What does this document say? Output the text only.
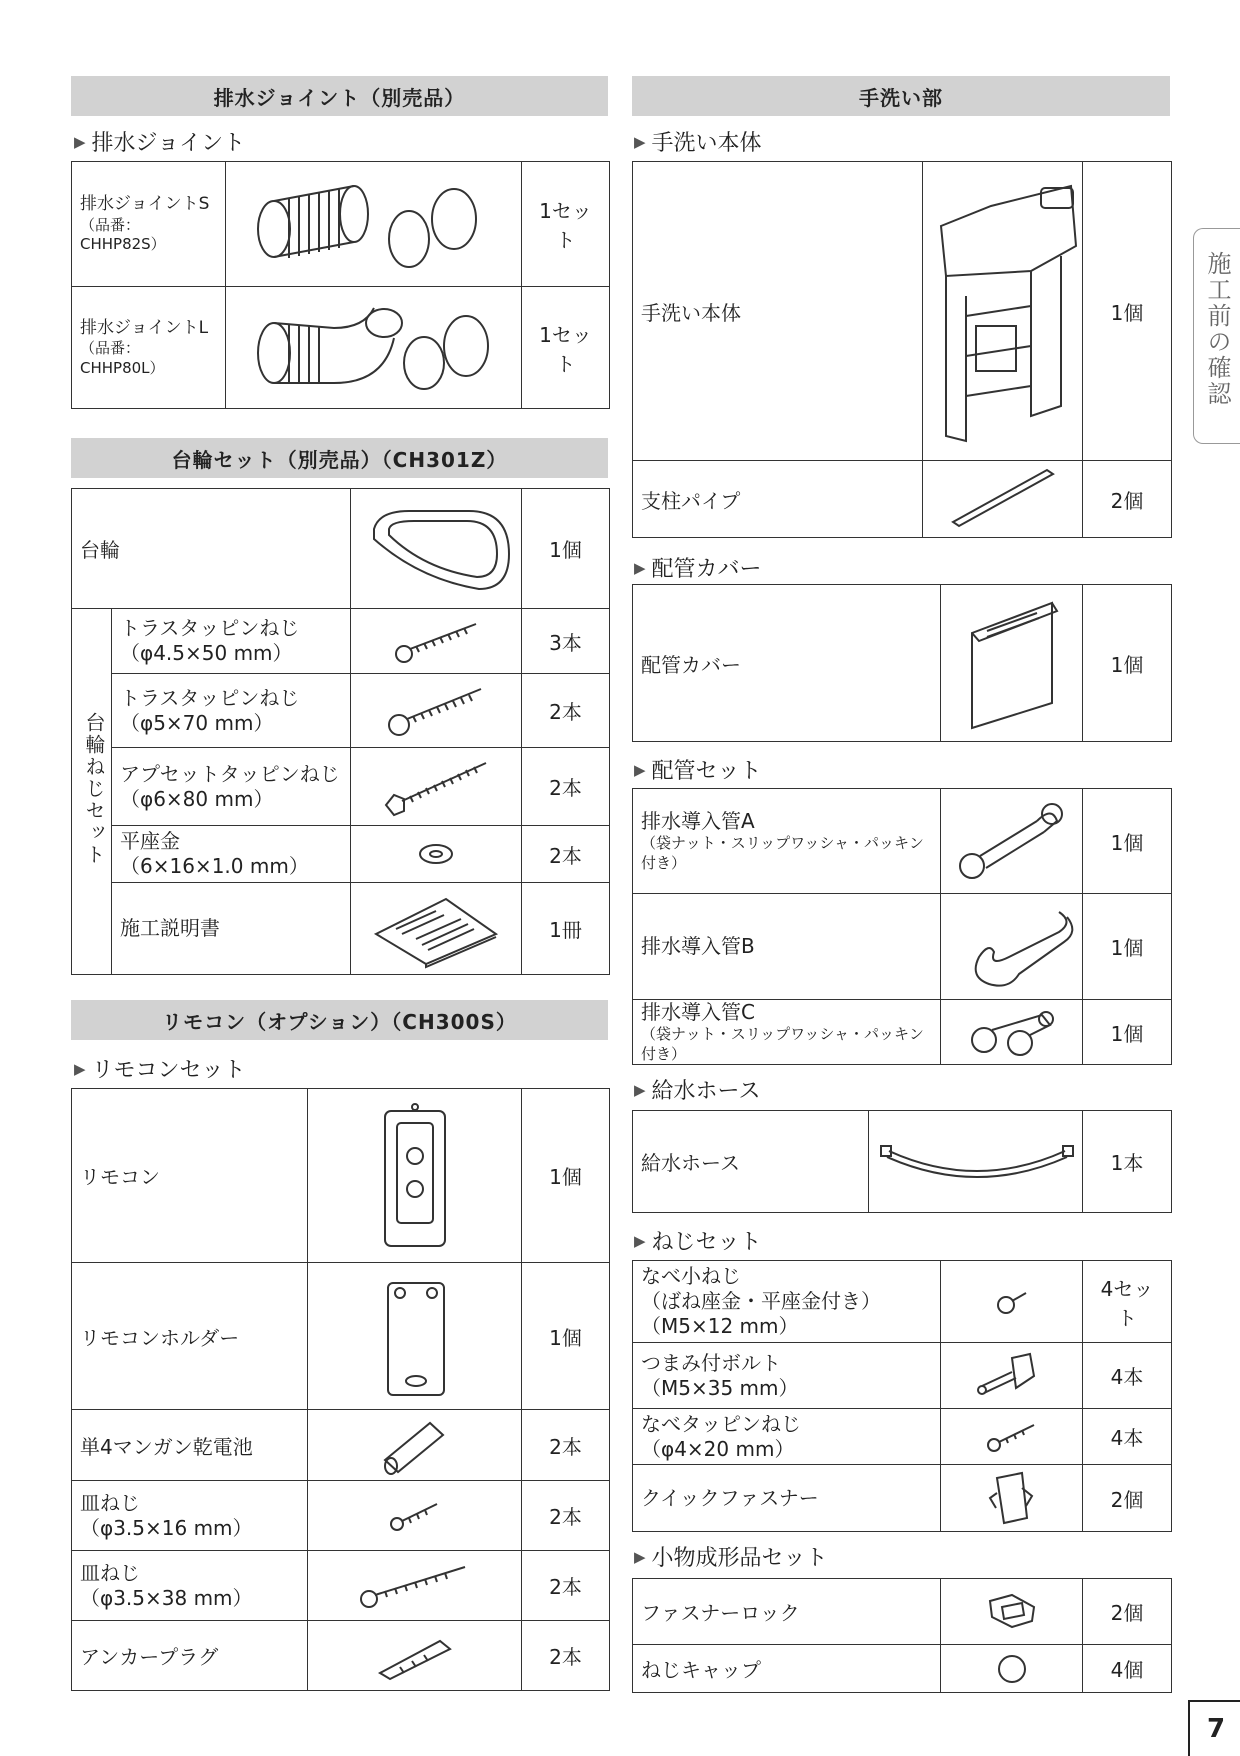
排水ジョイント（別売品）
▶ 排水ジョイント
排水ジョイントS
（品番：CHHP82S）		1セット

排水ジョイントL
（品番：CHHP80L）		1セット
台輪セット（別売品）（CH301Z）
台輪			1個
台輪ねじセット	トラスタッピンねじ
（φ4.5×50 mm）		3本

	トラスタッピンねじ
（φ5×70 mm）		2本

	アプセットタッピンねじ
（φ6×80 mm）		2本

	平座金
（6×16×1.0 mm）		2本

	施工説明書		1冊
リモコン（オプション）（CH300S）
▶ リモコンセット
リモコン		1個
リモコンホルダー		1個
単4マンガン乾電池		2本

皿ねじ
（φ3.5×16 mm）		2本

皿ねじ
（φ3.5×38 mm）		2本
アンカープラグ		2本
手洗い部
▶ 手洗い本体
手洗い本体		1個
支柱パイプ		2個
▶ 配管カバー
配管カバー		1個
▶ 配管セット
排水導入管A
（袋ナット・スリップワッシャ・パッキン付き）		1個

排水導入管B		1個

排水導入管C
（袋ナット・スリップワッシャ・パッキン付き）		1個
▶ 給水ホース
給水ホース		1本
▶ ねじセット
なべ小ねじ
（ばね座金・平座金付き）
（M5×12 mm）		4セット

つまみ付ボルト
（M5×35 mm）		4本

なべタッピンねじ
（φ4×20 mm）		4本

クイックファスナー		2個
▶ 小物成形品セット
ファスナーロック		2個
ねじキャップ		4個
施工前の確認
7
